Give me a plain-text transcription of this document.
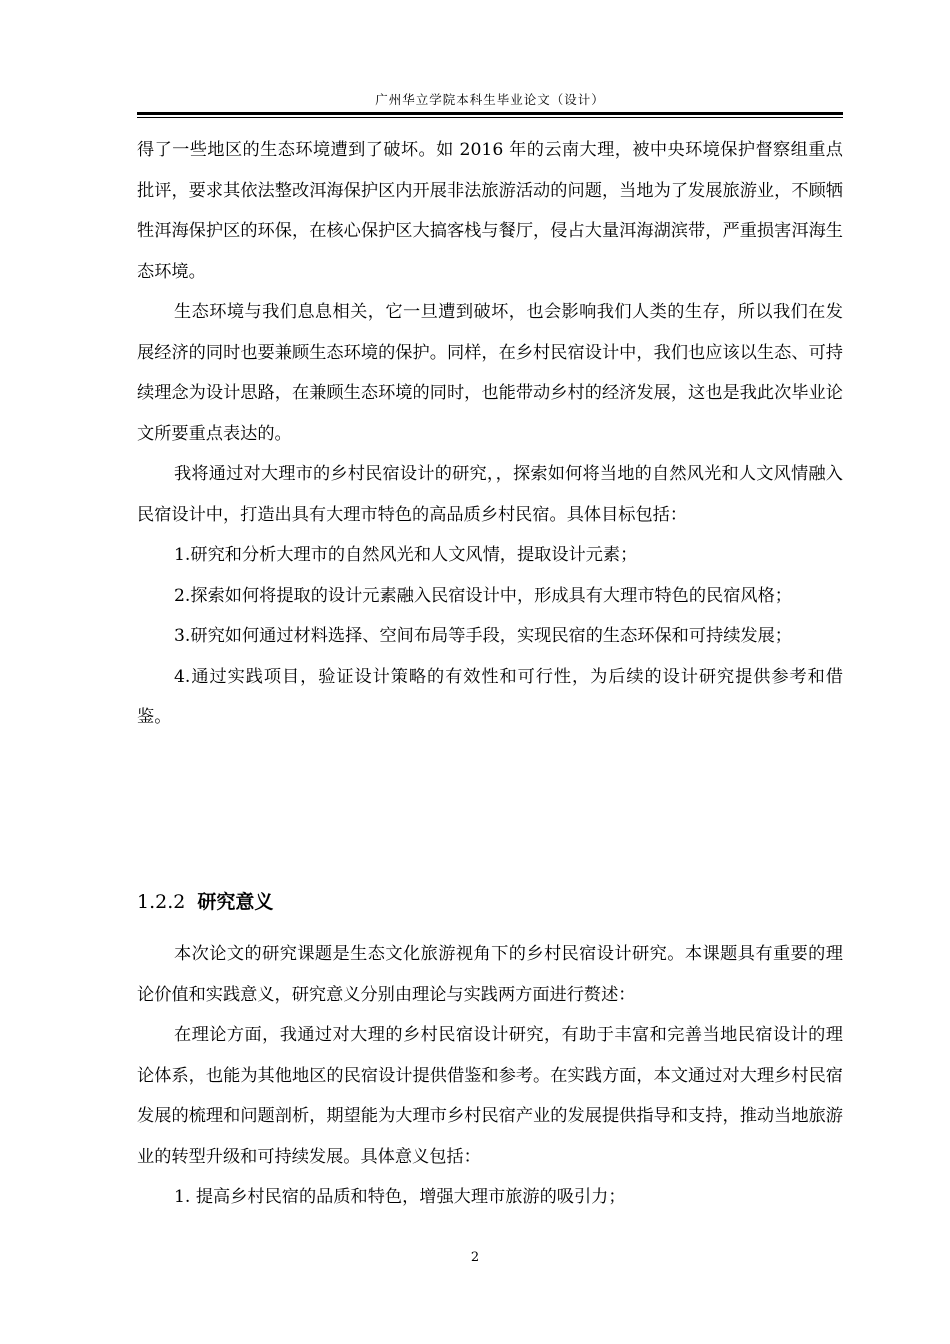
广州华立学院本科生毕业论文（设计）

得了一些地区的生态环境遭到了破坏。如 2016 年的云南大理，被中央环境保护督察组重点批评，要求其依法整改洱海保护区内开展非法旅游活动的问题，当地为了发展旅游业，不顾牺牲洱海保护区的环保，在核心保护区大搞客栈与餐厅，侵占大量洱海湖滨带，严重损害洱海生态环境。

生态环境与我们息息相关，它一旦遭到破坏，也会影响我们人类的生存，所以我们在发展经济的同时也要兼顾生态环境的保护。同样，在乡村民宿设计中，我们也应该以生态、可持续理念为设计思路，在兼顾生态环境的同时，也能带动乡村的经济发展，这也是我此次毕业论文所要重点表达的。

我将通过对大理市的乡村民宿设计的研究，，探索如何将当地的自然风光和人文风情融入民宿设计中，打造出具有大理市特色的高品质乡村民宿。具体目标包括：

1.研究和分析大理市的自然风光和人文风情，提取设计元素；

2.探索如何将提取的设计元素融入民宿设计中，形成具有大理市特色的民宿风格；

3.研究如何通过材料选择、空间布局等手段，实现民宿的生态环保和可持续发展；

4.通过实践项目，验证设计策略的有效性和可行性，为后续的设计研究提供参考和借鉴。

1.2.2 研究意义

本次论文的研究课题是生态文化旅游视角下的乡村民宿设计研究。本课题具有重要的理论价值和实践意义，研究意义分别由理论与实践两方面进行赘述：

在理论方面，我通过对大理的乡村民宿设计研究，有助于丰富和完善当地民宿设计的理论体系，也能为其他地区的民宿设计提供借鉴和参考。在实践方面，本文通过对大理乡村民宿发展的梳理和问题剖析，期望能为大理市乡村民宿产业的发展提供指导和支持，推动当地旅游业的转型升级和可持续发展。具体意义包括：

1. 提高乡村民宿的品质和特色，增强大理市旅游的吸引力；

2
